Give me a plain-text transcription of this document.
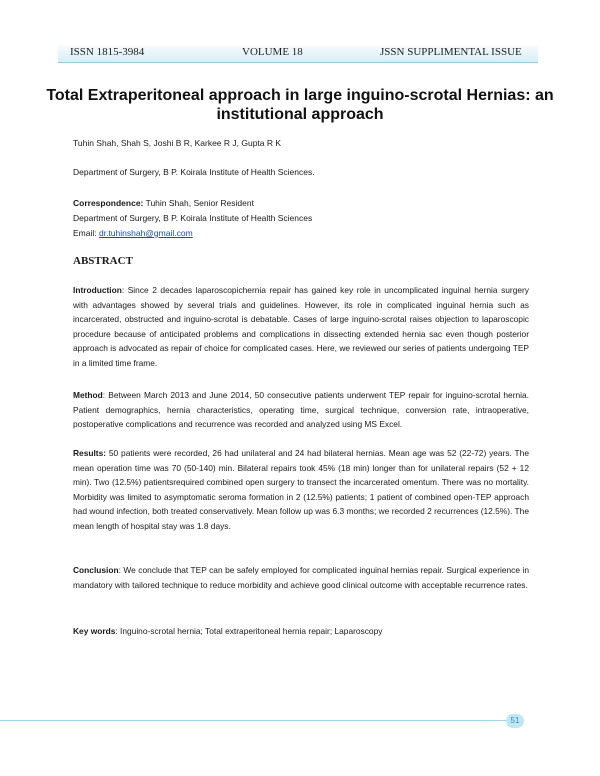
ISSN 1815-3984	VOLUME 18	JSSN SUPPLIMENTAL ISSUE
Total Extraperitoneal approach in large inguino-scrotal Hernias: an institutional approach
Tuhin Shah, Shah S, Joshi B R, Karkee R J, Gupta R K
Department of Surgery, B P. Koirala Institute of Health Sciences.
Correspondence: Tuhin Shah, Senior Resident
Department of Surgery, B P. Koirala Institute of Health Sciences
Email: dr.tuhinshah@gmail.com
ABSTRACT
Introduction: Since 2 decades laparoscopichernia repair has gained key role in uncomplicated inguinal hernia surgery with advantages showed by several trials and guidelines. However, its role in complicated inguinal hernia such as incarcerated, obstructed and inguino-scrotal is debatable. Cases of large inguino-scrotal raises objection to laparoscopic procedure because of anticipated problems and complications in dissecting extended hernia sac even though posterior approach is advocated as repair of choice for complicated cases. Here, we reviewed our series of patients undergoing TEP in a limited time frame.
Method: Between March 2013 and June 2014, 50 consecutive patients underwent TEP repair for inguino-scrotal hernia. Patient demographics, hernia characteristics, operating time, surgical technique, conversion rate, intraoperative, postoperative complications and recurrence was recorded and analyzed using MS Excel.
Results: 50 patients were recorded, 26 had unilateral and 24 had bilateral hernias. Mean age was 52 (22-72) years. The mean operation time was 70 (50-140) min. Bilateral repairs took 45% (18 min) longer than for unilateral repairs (52 + 12 min). Two (12.5%) patientsrequired combined open surgery to transect the incarcerated omentum. There was no mortality. Morbidity was limited to asymptomatic seroma formation in 2 (12.5%) patients; 1 patient of combined open-TEP approach had wound infection, both treated conservatively. Mean follow up was 6.3 months; we recorded 2 recurrences (12.5%). The mean length of hospital stay was 1.8 days.
Conclusion: We conclude that TEP can be safely employed for complicated inguinal hernias repair. Surgical experience in mandatory with tailored technique to reduce morbidity and achieve good clinical outcome with acceptable recurrence rates.
Key words: Inguino-scrotal hernia; Total extraperitoneal hernia repair; Laparoscopy
51
